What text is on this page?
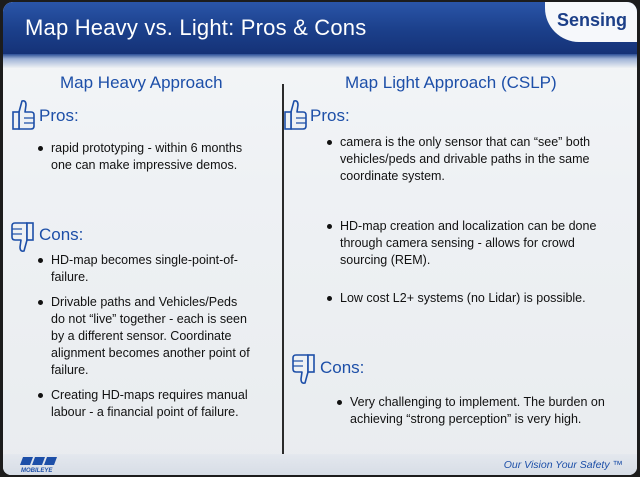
Map Heavy vs. Light: Pros & Cons	Sensing
Map Heavy Approach
Pros:
rapid prototyping - within 6 months one can make impressive demos.
Cons:
HD-map becomes single-point-of-failure.
Drivable paths and Vehicles/Peds do not “live” together - each is seen by a different sensor. Coordinate alignment becomes another point of failure.
Creating HD-maps requires manual labour - a financial point of failure.
Map Light Approach (CSLP)
Pros:
camera is the only sensor that can “see” both vehicles/peds and drivable paths in the same coordinate system.
HD-map creation and localization can be done through camera sensing - allows for crowd sourcing (REM).
Low cost L2+ systems (no Lidar) is possible.
Cons:
Very challenging to implement. The burden on achieving “strong perception” is very high.
MOBILEYE	Our Vision Your Safety ™
